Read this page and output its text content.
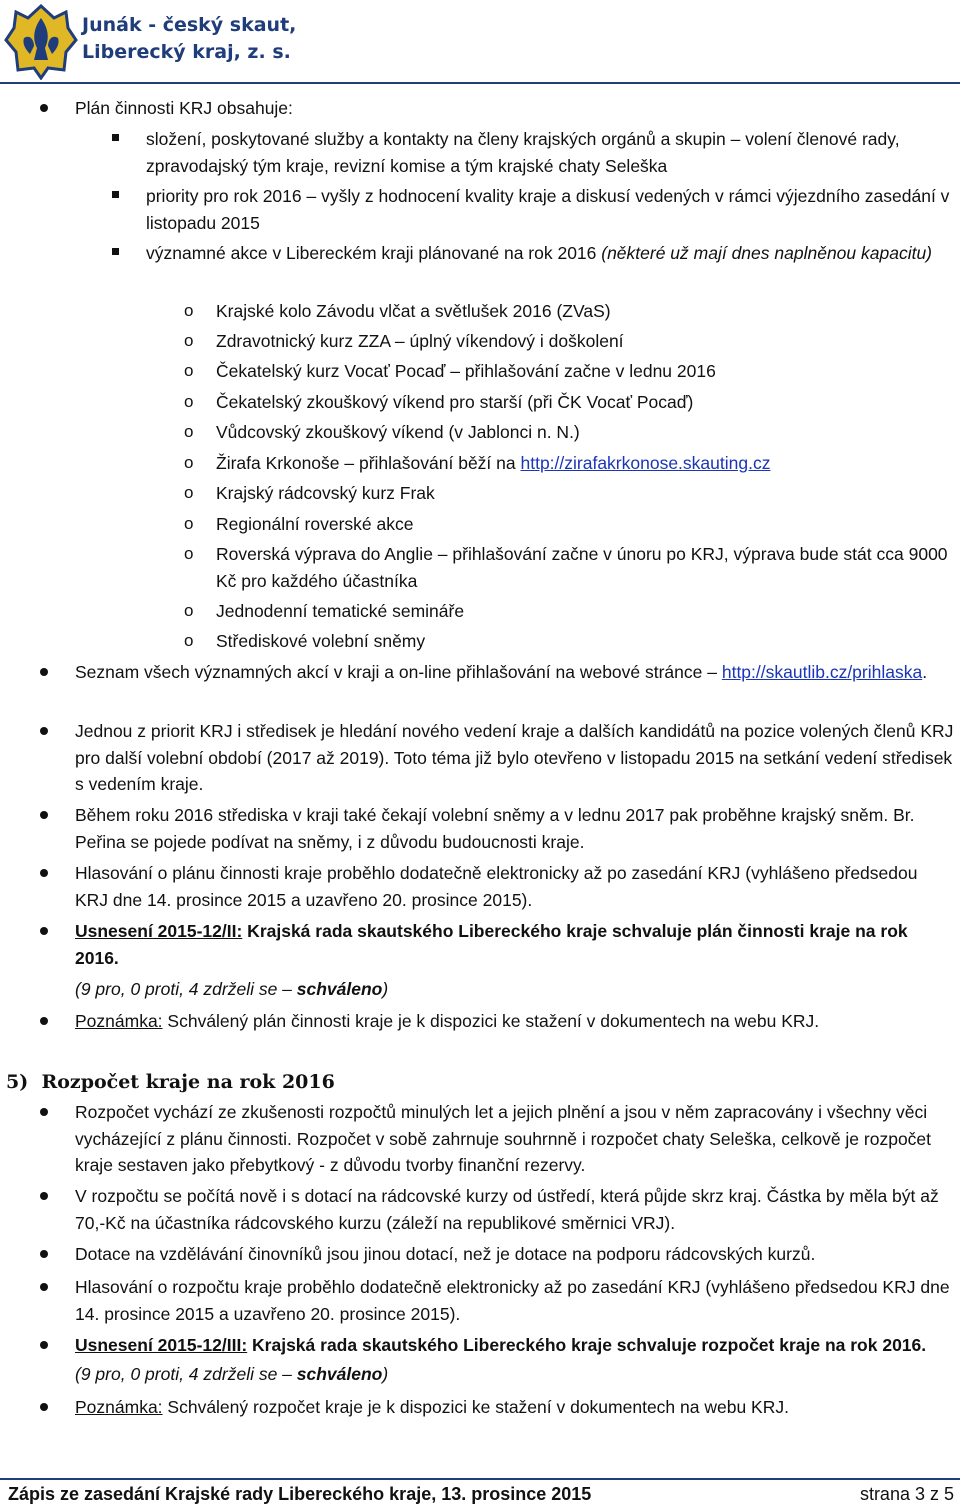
Junák - český skaut,
Liberecký kraj, z. s.
Plán činnosti KRJ obsahuje:
složení, poskytované služby a kontakty na členy krajských orgánů a skupin – volení členové rady, zpravodajský tým kraje, revizní komise a tým krajské chaty Seleška
priority pro rok 2016 – vyšly z hodnocení kvality kraje a diskusí vedených v rámci výjezdního zasedání v listopadu 2015
významné akce v Libereckém kraji plánované na rok 2016 (některé už mají dnes naplněnou kapacitu)
o Krajské kolo Závodu vlčat a světlušek 2016 (ZVaS)
o Zdravotnický kurz ZZA – úplný víkendový i doškolení
o Čekatelský kurz Vocať Pocaď – přihlašování začne v lednu 2016
o Čekatelský zkouškový víkend pro starší (při ČK Vocať Pocaď)
o Vůdcovský zkouškový víkend (v Jablonci n. N.)
o Žirafa Krkonoše – přihlašování běží na http://zirafakrkonose.skauting.cz
o Krajský rádcovský kurz Frak
o Regionální roverské akce
o Roverská výprava do Anglie – přihlašování začne v únoru po KRJ, výprava bude stát cca 9000 Kč pro každého účastníka
o Jednodenní tematické semináře
o Střediskové volební sněmy
Seznam všech významných akcí v kraji a on-line přihlašování na webové stránce – http://skautlib.cz/prihlaska.
Jednou z priorit KRJ i středisek je hledání nového vedení kraje a dalších kandidátů na pozice volených členů KRJ pro další volební období (2017 až 2019). Toto téma již bylo otevřeno v listopadu 2015 na setkání vedení středisek s vedením kraje.
Během roku 2016 střediska v kraji také čekají volební sněmy a v lednu 2017 pak proběhne krajský sněm. Br. Peřina se pojede podívat na sněmy, i z důvodu budoucnosti kraje.
Hlasování o plánu činnosti kraje proběhlo dodatečně elektronicky až po zasedání KRJ (vyhlášeno předsedou KRJ dne 14. prosince 2015 a uzavřeno 20. prosince 2015).
Usnesení 2015-12/II: Krajská rada skautského Libereckého kraje schvaluje plán činnosti kraje na rok 2016.
(9 pro, 0 proti, 4 zdrželi se – schváleno)
Poznámka: Schválený plán činnosti kraje je k dispozici ke stažení v dokumentech na webu KRJ.
5)  Rozpočet kraje na rok 2016
Rozpočet vychází ze zkušenosti rozpočtů minulých let a jejich plnění a jsou v něm zapracovány i všechny věci vycházející z plánu činnosti. Rozpočet v sobě zahrnuje souhrnně i rozpočet chaty Seleška, celkově je rozpočet kraje sestaven jako přebytkový - z důvodu tvorby finanční rezervy.
V rozpočtu se počítá nově i s dotací na rádcovské kurzy od ústředí, která půjde skrz kraj. Částka by měla být až 70,-Kč na účastníka rádcovského kurzu (záleží na republikové směrnici VRJ).
Dotace na vzdělávání činovníků jsou jinou dotací, než je dotace na podporu rádcovských kurzů.
Hlasování o rozpočtu kraje proběhlo dodatečně elektronicky až po zasedání KRJ (vyhlášeno předsedou KRJ dne 14. prosince 2015 a uzavřeno 20. prosince 2015).
Usnesení 2015-12/III: Krajská rada skautského Libereckého kraje schvaluje rozpočet kraje na rok 2016.
(9 pro, 0 proti, 4 zdrželi se – schváleno)
Poznámka: Schválený rozpočet kraje je k dispozici ke stažení v dokumentech na webu KRJ.
Zápis ze zasedání Krajské rady Libereckého kraje, 13. prosince 2015	strana 3 z 5
